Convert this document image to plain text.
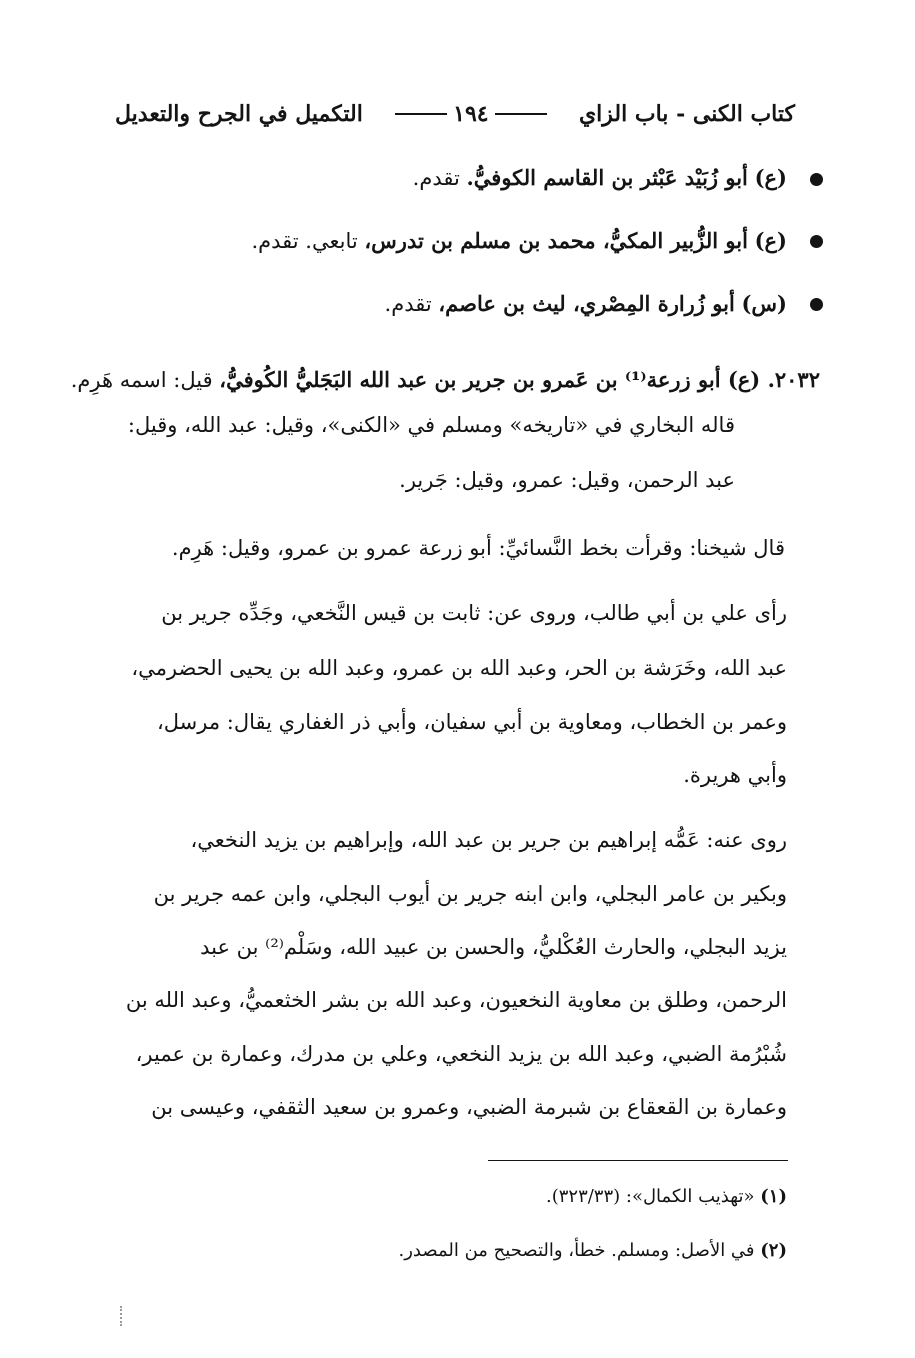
كتاب الكنى - باب الزاي
١٩٤
التكميل في الجرح والتعديل
(ع) أبو زُبَيْد عَبْثر بن القاسم الكوفيُّ. تقدم.
(ع) أبو الزُّبير المكيُّ، محمد بن مسلم بن تدرس، تابعي. تقدم.
(س) أبو زُرارة المِصْري، ليث بن عاصم، تقدم.
٢٠٣٢. (ع) أبو زرعة⁽¹⁾ بن عَمرو بن جرير بن عبد الله البَجَليُّ الكُوفيُّ، قيل: اسمه هَرِم.
قاله البخاري في «تاريخه» ومسلم في «الكنى»، وقيل: عبد الله، وقيل:
عبد الرحمن، وقيل: عمرو، وقيل: جَرير.
قال شيخنا: وقرأت بخط النَّسائيِّ: أبو زرعة عمرو بن عمرو، وقيل: هَرِم.
رأى علي بن أبي طالب، وروى عن: ثابت بن قيس النَّخعي، وجَدِّه جرير بن
عبد الله، وخَرَشة بن الحر، وعبد الله بن عمرو، وعبد الله بن يحيى الحضرمي،
وعمر بن الخطاب، ومعاوية بن أبي سفيان، وأبي ذر الغفاري يقال: مرسل،
وأبي هريرة.
روى عنه: عَمُّه إبراهيم بن جرير بن عبد الله، وإبراهيم بن يزيد النخعي،
وبكير بن عامر البجلي، وابن ابنه جرير بن أيوب البجلي، وابن عمه جرير بن
يزيد البجلي، والحارث العُكْليُّ، والحسن بن عبيد الله، وسَلْم⁽²⁾ بن عبد
الرحمن، وطلق بن معاوية النخعيون، وعبد الله بن بشر الخثعميُّ، وعبد الله بن
شُبْرُمة الضبي، وعبد الله بن يزيد النخعي، وعلي بن مدرك، وعمارة بن عمير،
وعمارة بن القعقاع بن شبرمة الضبي، وعمرو بن سعيد الثقفي، وعيسى بن
(١) «تهذيب الكمال»: (٣٢٣/٣٣).
(٢) في الأصل: ومسلم. خطأ، والتصحيح من المصدر.
